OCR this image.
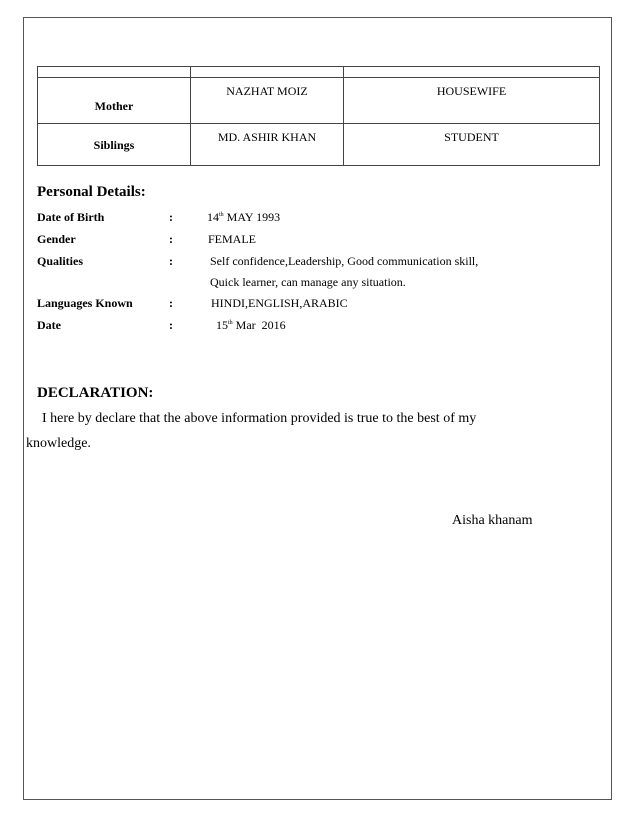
Mother	NAZHAT MOIZ	HOUSEWIFE

Siblings	MD. ASHIR KHAN	STUDENT
Personal Details:
Date of Birth	:	14th MAY 1993
Gender	:	FEMALE
Qualities	:	Self confidence,Leadership, Good communication skill,
Quick learner, can manage any situation.
Languages Known	:	HINDI,ENGLISH,ARABIC
Date	:	15th Mar  2016
DECLARATION:
I here by declare that the above information provided is true to the best of my
knowledge.
Aisha khanam
